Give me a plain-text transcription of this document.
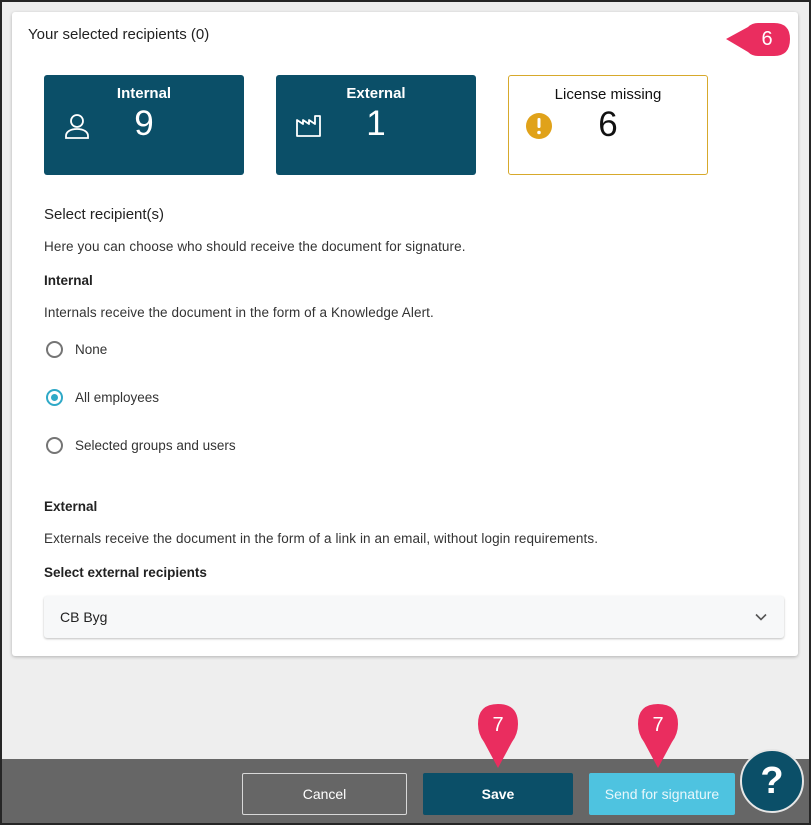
Your selected recipients (0)
Internal
9
External
1
License missing
6
Select recipient(s)
Here you can choose who should receive the document for signature.
Internal
Internals receive the document in the form of a Knowledge Alert.
None
All employees
Selected groups and users
External
Externals receive the document in the form of a link in an email, without login requirements.
Select external recipients
CB Byg
6
Cancel	Save	Send for signature	?
7	7
